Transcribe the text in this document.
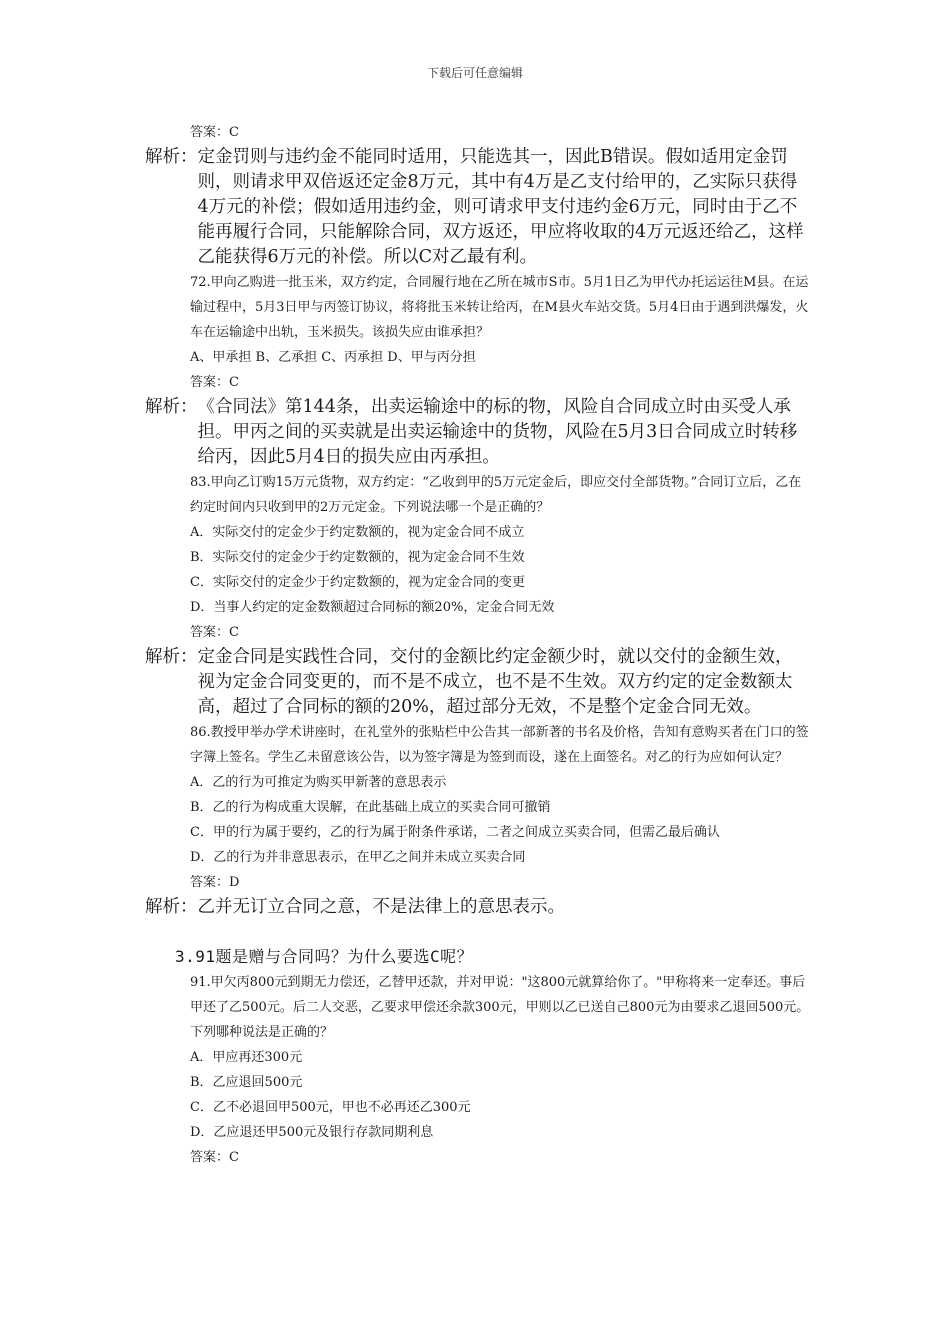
下载后可任意编辑
答案：C
解析： 定金罚则与违约金不能同时适用，只能选其一，因此B错误。假如适用定金罚则，则请求甲双倍返还定金8万元，其中有4万是乙支付给甲的，乙实际只获得4万元的补偿；假如适用违约金，则可请求甲支付违约金6万元，同时由于乙不能再履行合同，只能解除合同，双方返还，甲应将收取的4万元返还给乙，这样乙能获得6万元的补偿。所以C对乙最有利。
72.甲向乙购进一批玉米，双方约定，合同履行地在乙所在城市S市。5月1日乙为甲代办托运运往M县。在运输过程中，5月3日甲与丙签订协议，将将批玉米转让给丙，在M县火车站交货。5月4日由于遇到洪爆发，火车在运输途中出轨，玉米损失。该损失应由谁承担？
A、甲承担 B、乙承担 C、丙承担 D、甲与丙分担
答案：C
解析： 《合同法》第144条，出卖运输途中的标的物，风险自合同成立时由买受人承担。甲丙之间的买卖就是出卖运输途中的货物，风险在5月3日合同成立时转移给丙，因此5月4日的损失应由丙承担。
83.甲向乙订购15万元货物，双方约定：“乙收到甲的5万元定金后，即应交付全部货物。”合同订立后，乙在约定时间内只收到甲的2万元定金。下列说法哪一个是正确的？
A．实际交付的定金少于约定数额的，视为定金合同不成立
B．实际交付的定金少于约定数额的，视为定金合同不生效
C．实际交付的定金少于约定数额的，视为定金合同的变更
D．当事人约定的定金数额超过合同标的额20%，定金合同无效
答案：C
解析： 定金合同是实践性合同，交付的金额比约定金额少时，就以交付的金额生效，视为定金合同变更的，而不是不成立，也不是不生效。双方约定的定金数额太高，超过了合同标的额的20%，超过部分无效，不是整个定金合同无效。
86.教授甲举办学术讲座时，在礼堂外的张贴栏中公告其一部新著的书名及价格，告知有意购买者在门口的签字簿上签名。学生乙未留意该公告，以为签字簿是为签到而设，遂在上面签名。对乙的行为应如何认定？
A．乙的行为可推定为购买甲新著的意思表示
B．乙的行为构成重大误解，在此基础上成立的买卖合同可撤销
C．甲的行为属于要约，乙的行为属于附条件承诺，二者之间成立买卖合同，但需乙最后确认
D．乙的行为并非意思表示，在甲乙之间并未成立买卖合同
答案：D
解析： 乙并无订立合同之意，不是法律上的意思表示。
3.91题是赠与合同吗？为什么要选C呢？
91.甲欠丙800元到期无力偿还，乙替甲还款，并对甲说："这800元就算给你了。"甲称将来一定奉还。事后甲还了乙500元。后二人交恶，乙要求甲偿还余款300元，甲则以乙已送自己800元为由要求乙退回500元。下列哪种说法是正确的？
A．甲应再还300元
B．乙应退回500元
C．乙不必退回甲500元，甲也不必再还乙300元
D．乙应退还甲500元及银行存款同期利息
答案：C
